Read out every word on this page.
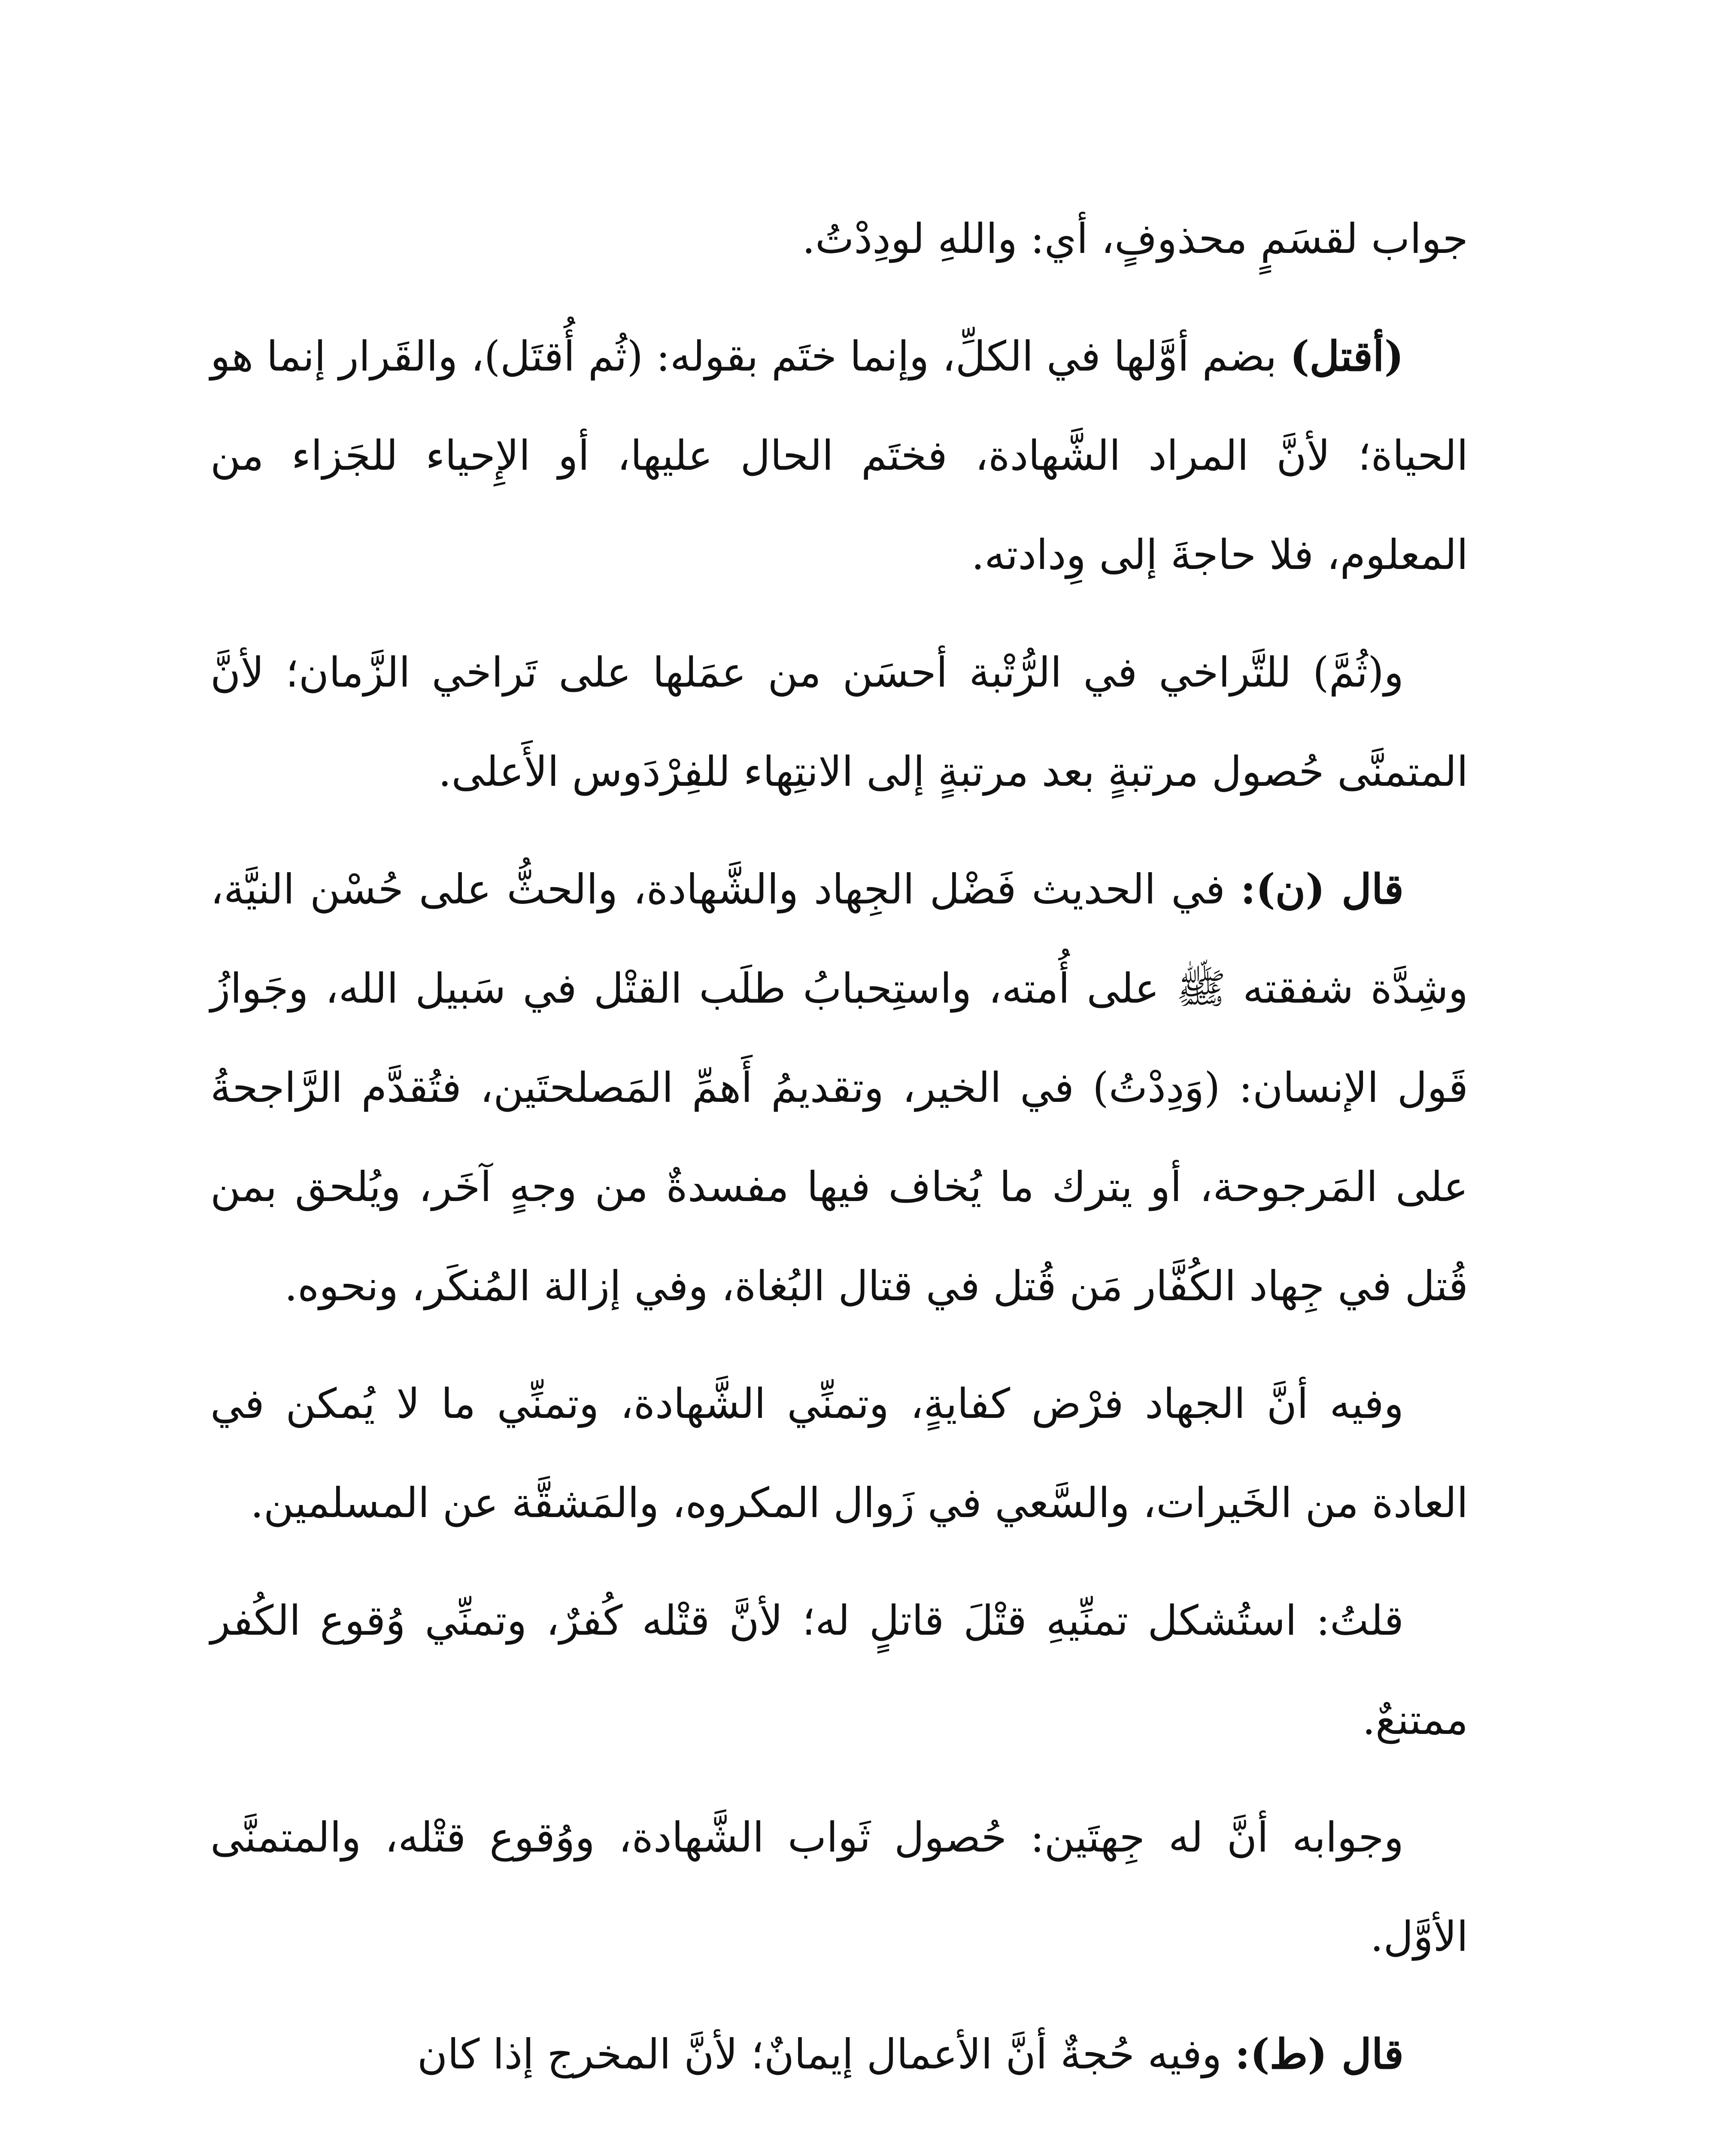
جواب لقسَمٍ محذوفٍ، أي: واللهِ لودِدْتُ.

(أقتل) بضم أوَّلها في الكلِّ، وإنما ختَم بقوله: (ثُم أُقتَل)، والقَرار إنما هو الحياة؛ لأنَّ المراد الشَّهادة، فختَم الحال عليها، أو الإِحياء للجَزاء من المعلوم، فلا حاجةَ إلى وِدادته.

و(ثُمَّ) للتَّراخي في الرُّتْبة أحسَن من عمَلها على تَراخي الزَّمان؛ لأنَّ المتمنَّى حُصول مرتبةٍ بعد مرتبةٍ إلى الانتِهاء للفِرْدَوس الأَعلى.

قال (ن): في الحديث فَضْل الجِهاد والشَّهادة، والحثُّ على حُسْن النيَّة، وشِدَّة شفقته ﷺ على أُمته، واستِحبابُ طلَب القتْل في سَبيل الله، وجَوازُ قَول الإنسان: (وَدِدْتُ) في الخير، وتقديمُ أَهمِّ المَصلحتَين، فتُقدَّم الرَّاجحةُ على المَرجوحة، أو يترك ما يُخاف فيها مفسدةٌ من وجهٍ آخَر، ويُلحق بمن قُتل في جِهاد الكُفَّار مَن قُتل في قتال البُغاة، وفي إزالة المُنكَر، ونحوه.

وفيه أنَّ الجهاد فرْض كفايةٍ، وتمنِّي الشَّهادة، وتمنِّي ما لا يُمكن في العادة من الخَيرات، والسَّعي في زَوال المكروه، والمَشقَّة عن المسلمين.

قلتُ: استُشكل تمنِّيهِ قتْلَ قاتلٍ له؛ لأنَّ قتْله كُفرٌ، وتمنِّي وُقوع الكُفر ممتنعٌ.

وجوابه أنَّ له جِهتَين: حُصول ثَواب الشَّهادة، ووُقوع قتْله، والمتمنَّى الأوَّل.

قال (ط): وفيه حُجةٌ أنَّ الأعمال إيمانٌ؛ لأنَّ المخرج إذا كان
